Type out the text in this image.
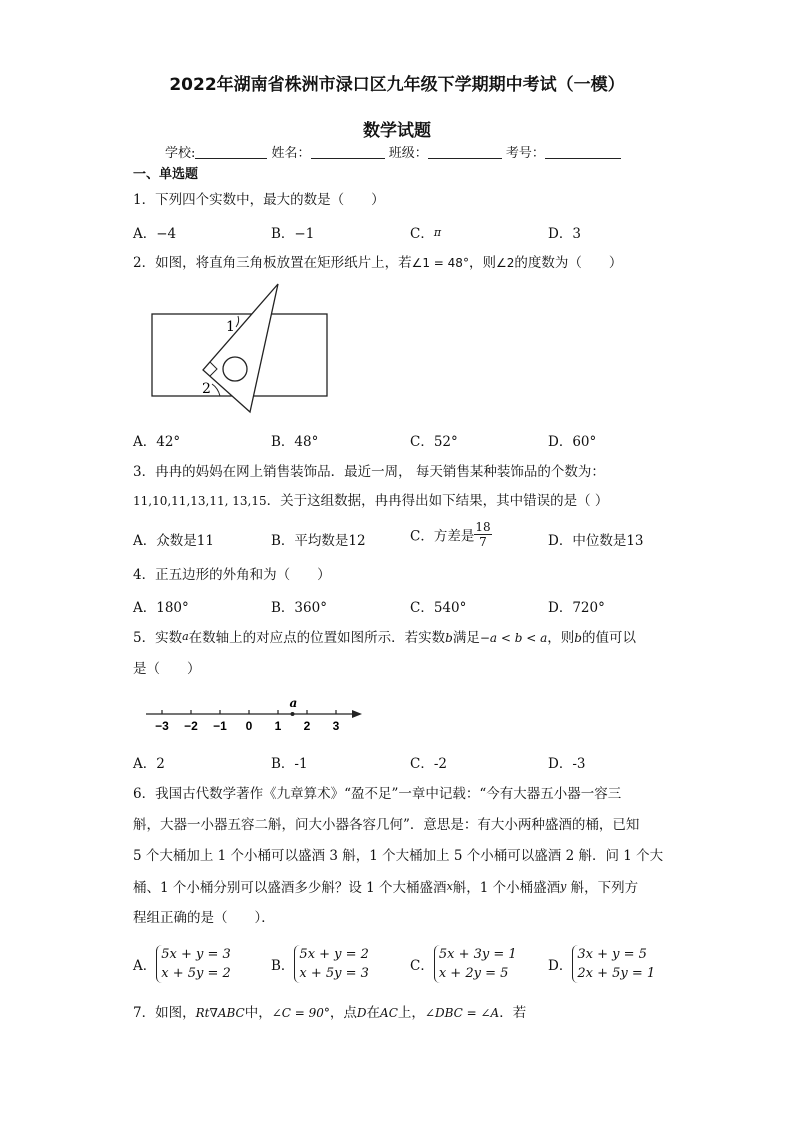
2022年湖南省株洲市渌口区九年级下学期期中考试（一模）
数学试题
学校:	姓名：	班级：	考号：
一、单选题
1．下列四个实数中，最大的数是（　　）
A．−4	B．−1	C．π	D．3
2．如图，将直角三角板放置在矩形纸片上，若∠1 = 48°，则∠2的度数为（　　）
1
2
A．42°	B．48°	C．52°	D．60°
3．冉冉的妈妈在网上销售装饰品．最近一周， 每天销售某种装饰品的个数为：
11,10,11,13,11, 13,15．关于这组数据，冉冉得出如下结果，其中错误的是（ ）
A．众数是11	B．平均数是12	C．方差是 $\frac{18}{7}$	D．中位数是13
4．正五边形的外角和为（　　）
A．180°	B．360°	C．540°	D．720°
5．实数a在数轴上的对应点的位置如图所示．若实数b满足−a < b < a，则b的值可以
是（　　）
−3 −2 −1 0 1 2 3
a
A．2	B．-1	C．-2	D．-3
6．我国古代数学著作《九章算术》“盈不足”一章中记载：“今有大器五小器一容三
斛，大器一小器五容二斛，问大小器各容几何”．意思是：有大小两种盛酒的桶，已知
5 个大桶加上 1 个小桶可以盛酒 3 斛，1 个大桶加上 5 个小桶可以盛酒 2 斛．问 1 个大
桶、1 个小桶分别可以盛酒多少斛？设 1 个大桶盛酒x斛，1 个小桶盛酒y 斛，下列方
程组正确的是（　　）．
A．
5x + y = 3
x + 5y = 2	B．
5x + y = 2
x + 5y = 3	C．
5x + 3y = 1
x + 2y = 5	D．
3x + y = 5
2x + 5y = 1
7．如图，Rt∇ABC中，∠C = 90°，点D在AC上，∠DBC = ∠A．若
